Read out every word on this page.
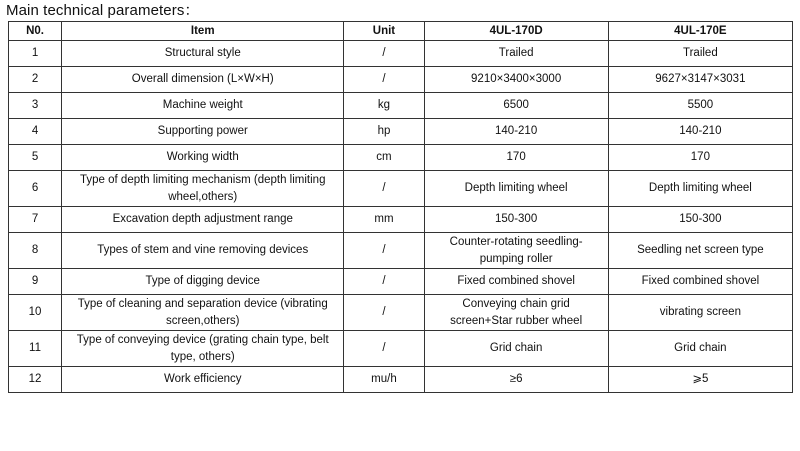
Main technical parameters：
N0.	Item	Unit	4UL-170D	4UL-170E
1	Structural style	/	Trailed	Trailed
2	Overall dimension (L×W×H)	/	9210×3400×3000	9627×3147×3031
3	Machine weight	kg	6500	5500
4	Supporting power	hp	140-210	140-210
5	Working width	cm	170	170
6	Type of depth limiting mechanism (depth limiting wheel,others)	/	Depth limiting wheel	Depth limiting wheel
7	Excavation depth adjustment range	mm	150-300	150-300
8	Types of stem and vine removing devices	/	Counter-rotating seedling-pumping roller	Seedling net screen type
9	Type of digging device	/	Fixed combined shovel	Fixed combined shovel
10	Type of cleaning and separation device (vibrating screen,others)	/	Conveying chain grid screen+Star rubber wheel	vibrating screen
11	Type of conveying device (grating chain type, belt type, others)	/	Grid chain	Grid chain
12	Work efficiency	mu/h	≥6	⩾5
